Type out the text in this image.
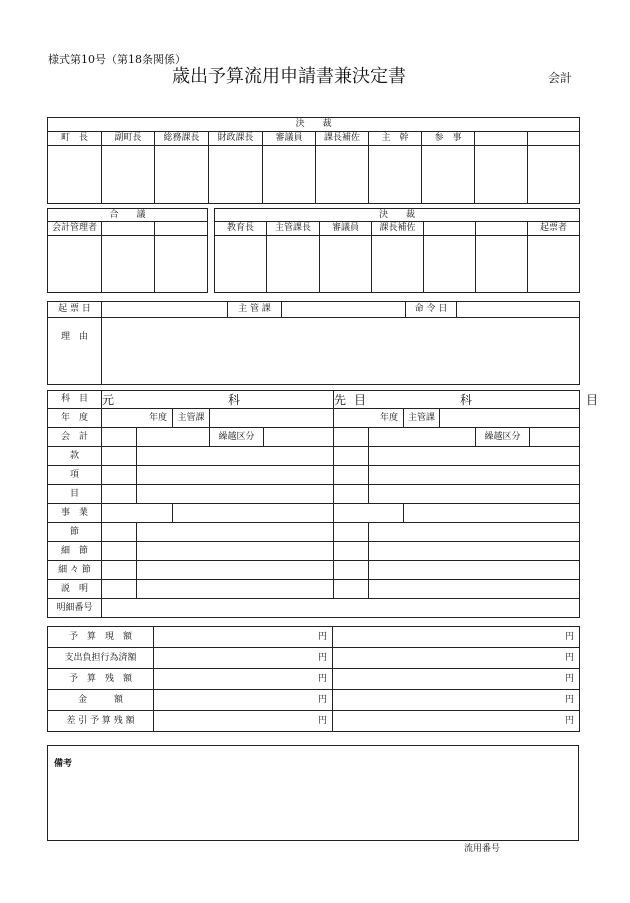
様式第10号（第18条関係）
歳出予算流用申請書兼決定書	会計
決　　裁									
町　長	副町長	総務課長	財政課長	審議員	課長補佐	主　幹	参　事		

合　　議		
会計管理者		

決　　裁						
教育長	主管課長	審議員	課長補佐			起票者

起 票 日		主 管 課		命 令 日	
理　由					
科　目	元　　科　　目					先　　科　　目					
年　度	年度		主管課			年度		主管課			
会　計				繰越区分						繰越区分	
款											
項											
目											
事　業											
節											
細　節											
細 々 節											
説　明											
明細番号											
予　算　現　額	円	円
支出負担行為済額	円	円
予　算　残　額	円	円
金　　　額	円	円
差 引 予 算 残 額	円	円
備考
流用番号
